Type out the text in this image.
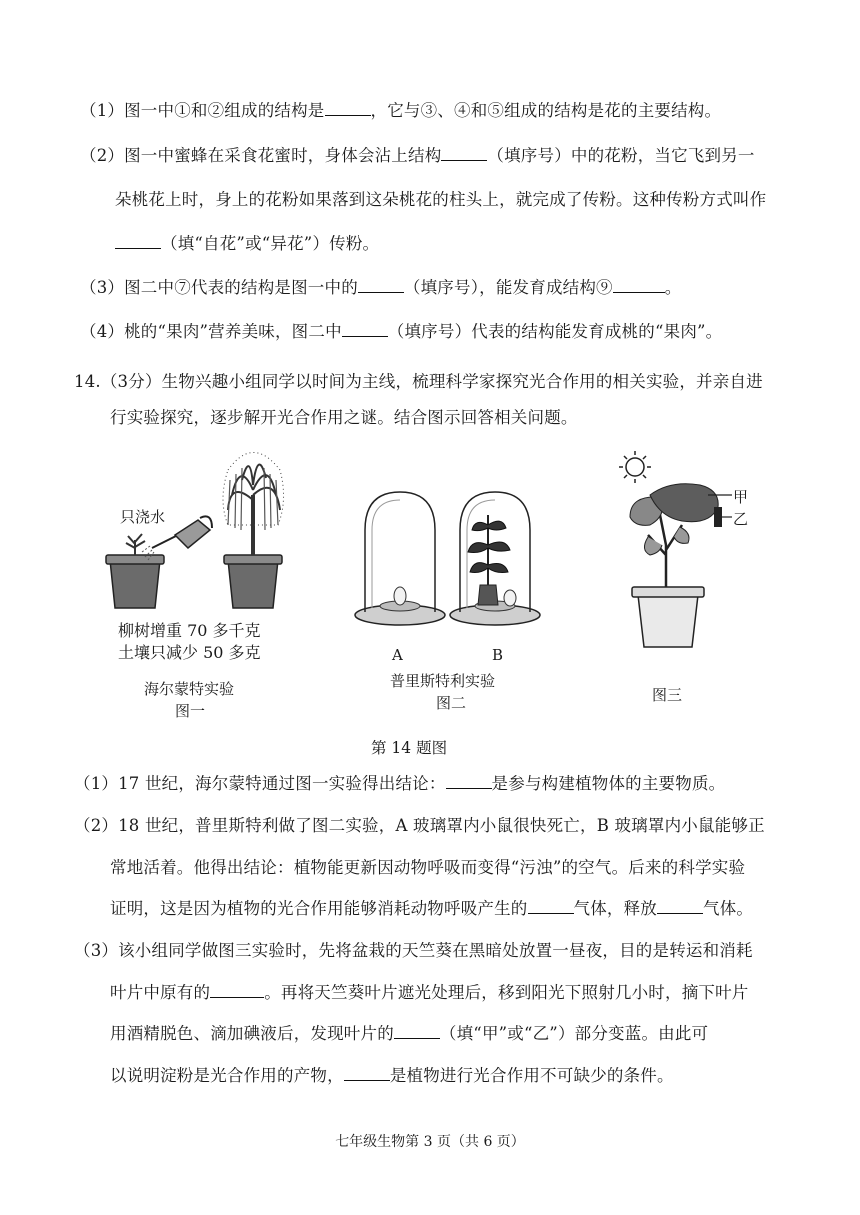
（1）图一中①和②组成的结构是	，它与③、④和⑤组成的结构是花的主要结构。
（2）图一中蜜蜂在采食花蜜时，身体会沾上结构	（填序号）中的花粉，当它飞到另一
朵桃花上时，身上的花粉如果落到这朵桃花的柱头上，就完成了传粉。这种传粉方式叫作
（填“自花”或“异花”）传粉。
（3）图二中⑦代表的结构是图一中的	（填序号），能发育成结构⑨	。
（4）桃的“果肉”营养美味，图二中	（填序号）代表的结构能发育成桃的“果肉”。
14.（3分）生物兴趣小组同学以时间为主线，梳理科学家探究光合作用的相关实验，并亲自进
行实验探究，逐步解开光合作用之谜。结合图示回答相关问题。
只浇水
柳树增重 70 多千克
土壤只减少 50 多克
海尔蒙特实验
图一
A	B
普里斯特利实验
图二
甲
乙
图三
第 14 题图
（1）17 世纪，海尔蒙特通过图一实验得出结论：	是参与构建植物体的主要物质。
（2）18 世纪，普里斯特利做了图二实验，A 玻璃罩内小鼠很快死亡，B 玻璃罩内小鼠能够正
常地活着。他得出结论：植物能更新因动物呼吸而变得“污浊”的空气。后来的科学实验
证明，这是因为植物的光合作用能够消耗动物呼吸产生的	气体，释放	气体。
（3）该小组同学做图三实验时，先将盆栽的天竺葵在黑暗处放置一昼夜，目的是转运和消耗
叶片中原有的	。再将天竺葵叶片遮光处理后，移到阳光下照射几小时，摘下叶片
用酒精脱色、滴加碘液后，发现叶片的	（填“甲”或“乙”）部分变蓝。由此可
以说明淀粉是光合作用的产物，	是植物进行光合作用不可缺少的条件。
七年级生物第 3 页（共 6 页）
